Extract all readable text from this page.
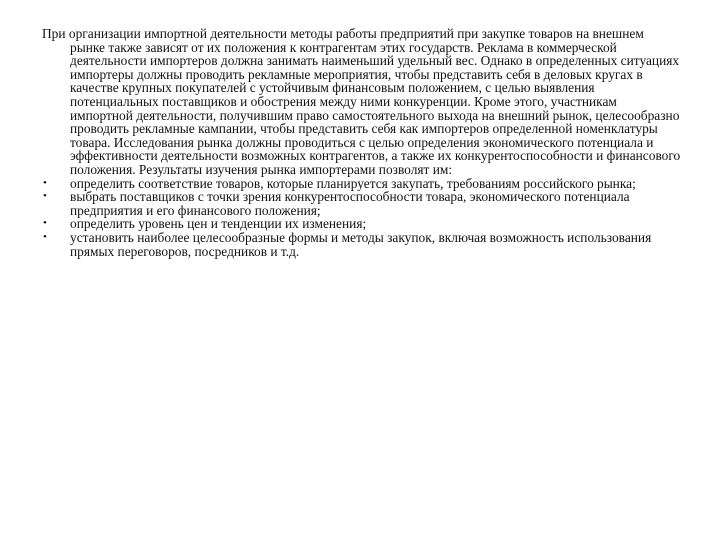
При организации импортной деятельности методы работы предприятий при закупке товаров на внешнем рынке также зависят от их положения к контрагентам этих государств. Реклама в коммерческой деятельности импортеров должна занимать наименьший удельный вес. Однако в определенных ситуациях импортеры должны проводить рекламные мероприятия, чтобы представить себя в деловых кругах в качестве крупных покупателей с устойчивым финансовым положением, с целью выявления потенциальных поставщиков и обострения между ними конкуренции. Кроме этого, участникам импортной деятельности, получившим право самостоятельного выхода на внешний рынок, целесообразно проводить рекламные кампании, чтобы представить себя как импортеров определенной номенклатуры товара. Исследования рынка должны проводиться с целью определения экономического потенциала и эффективности деятельности возможных контрагентов, а также их конкурентоспособности и финансового положения. Результаты изучения рынка импортерами позволят им:

• определить соответствие товаров, которые планируется закупать, требованиям российского рынка;
• выбрать поставщиков с точки зрения конкурентоспособности товара, экономического потенциала предприятия и его финансового положения;
• определить уровень цен и тенденции их изменения;
• установить наиболее целесообразные формы и методы закупок, включая возможность использования прямых переговоров, посредников и т.д.
